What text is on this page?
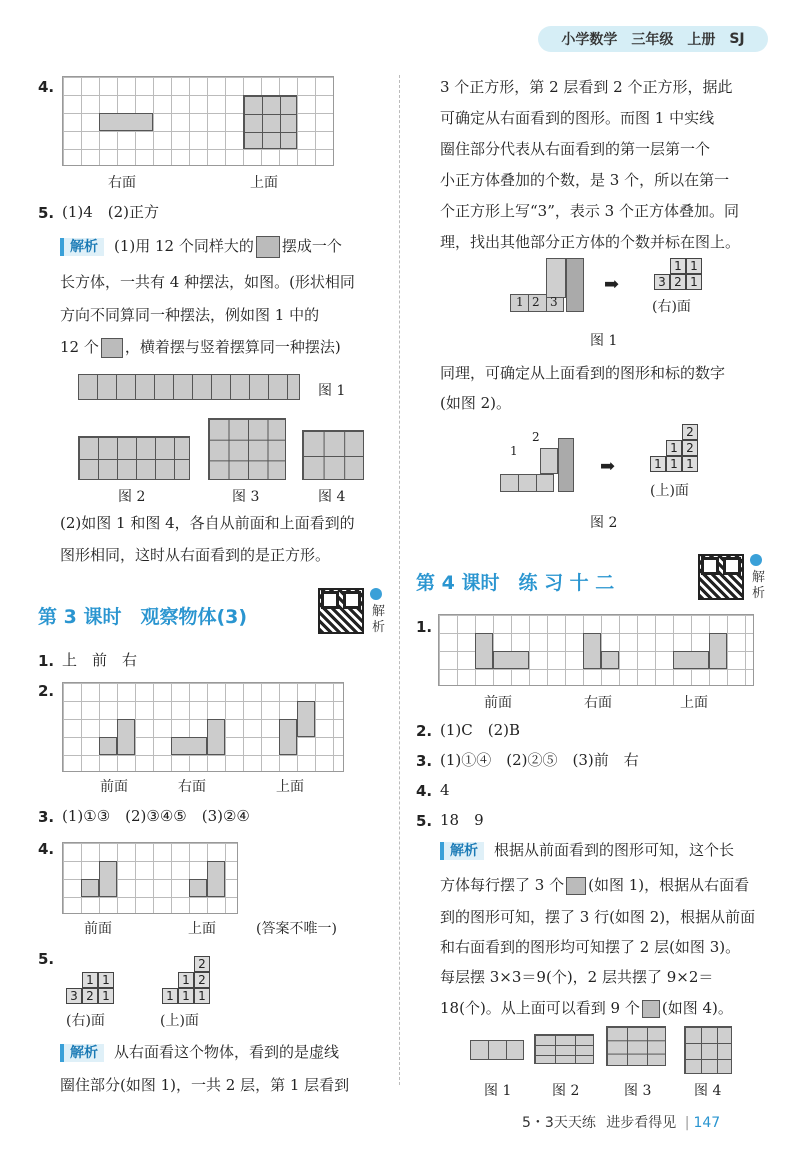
小学数学 三年级 上册 SJ
4.
右面	上面
5. (1)4　(2)正方
解析 (1)用 12 个同样大的 摆成一个
长方体，一共有 4 种摆法，如图。(形状相同
方向不同算同一种摆法，例如图 1 中的
12 个 ，横着摆与竖着摆算同一种摆法)
图 1
图 2	图 3	图 4
(2)如图 1 和图 4，各自从前面和上面看到的
图形相同，这时从右面看到的是正方形。
第 3 课时　观察物体(3)	解析
1. 上　前　右
2.
前面	右面	上面
3. (1)①③　(2)③④⑤　(3)②④
4.
前面	上面	(答案不唯一)
5.
1 1
3 2 1
(右)面
2
1 2
1 1 1
(上)面
解析 从右面看这个物体，看到的是虚线
圈住部分(如图 1)，一共 2 层，第 1 层看到
3 个正方形，第 2 层看到 2 个正方形，据此
可确定从右面看到的图形。而图 1 中实线
圈住部分代表从右面看到的第一层第一个
小正方体叠加的个数，是 3 个，所以在第一
个正方形上写“3”，表示 3 个正方体叠加。同
理，找出其他部分正方体的个数并标在图上。
1 2 3
➡
1 1
3 2 1
(右)面
图 1
同理，可确定从上面看到的图形和标的数字
(如图 2)。
2
1
➡
2
1 2
1 1 1
(上)面
图 2
第 4 课时　练 习 十 二	解析
1.
前面	右面	上面
2. (1)C　(2)B
3. (1)①④　(2)②⑤　(3)前　右
4. 4
5. 18　9
解析 根据从前面看到的图形可知，这个长
方体每行摆了 3 个 (如图 1)，根据从右面看
到的图形可知，摆了 3 行(如图 2)，根据从前面
和右面看到的图形均可知摆了 2 层(如图 3)。
每层摆 3×3＝9(个)，2 层共摆了 9×2＝
18(个)。从上面可以看到 9 个 (如图 4)。
图 1	图 2	图 3	图 4
5・3天天练 进步看得见 | 147
